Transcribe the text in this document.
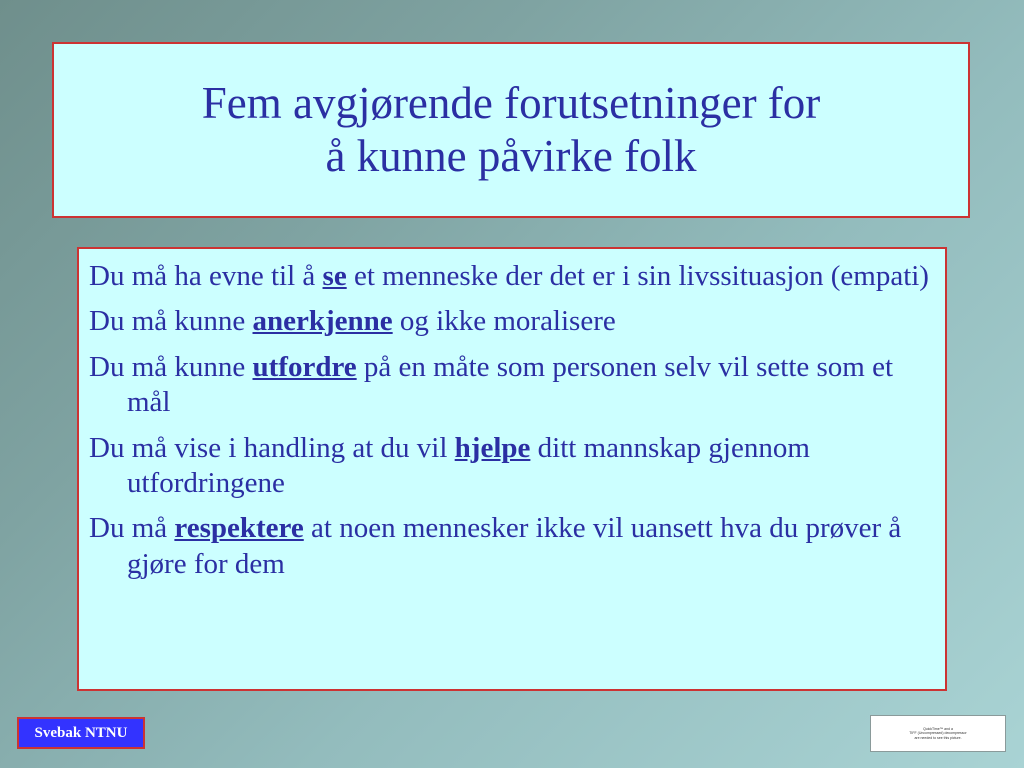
Fem avgjørende forutsetninger for
å kunne påvirke folk

Du må ha evne til å se et menneske der det er i sin livssituasjon (empati)

Du må kunne anerkjenne og ikke moralisere

Du må kunne utfordre på en måte som personen selv vil sette som et mål

Du må vise i handling at du vil hjelpe ditt mannskap gjennom utfordringene

Du må respektere at noen mennesker ikke vil uansett hva du prøver å gjøre for dem

Svebak NTNU	QuickTime™ and a
TIFF (Uncompressed) decompressor
are needed to see this picture.
